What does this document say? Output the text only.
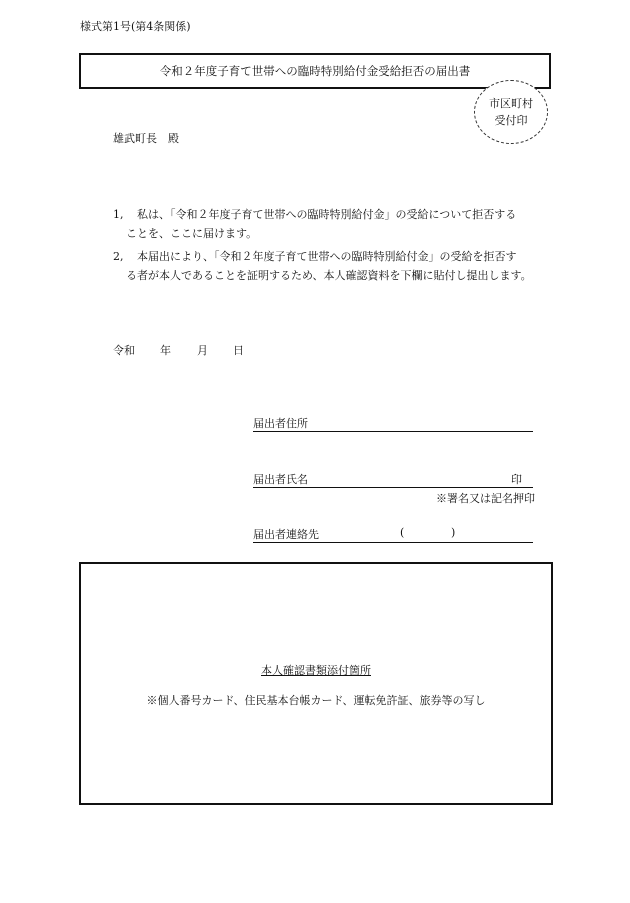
様式第1号(第4条関係)
令和２年度子育て世帯への臨時特別給付金受給拒否の届出書
市区町村
受付印
雄武町長　殿
1, 私は、「令和２年度子育て世帯への臨時特別給付金」の受給について拒否する
ことを、ここに届けます。
2, 本届出により、「令和２年度子育て世帯への臨時特別給付金」の受給を拒否す
る者が本人であることを証明するため、本人確認資料を下欄に貼付し提出します。
令和 年 月 日
届出者住所
届出者氏名	印
※署名又は記名押印
届出者連絡先	(	)
本人確認書類添付箇所
※個人番号カード、住民基本台帳カード、運転免許証、旅券等の写し
